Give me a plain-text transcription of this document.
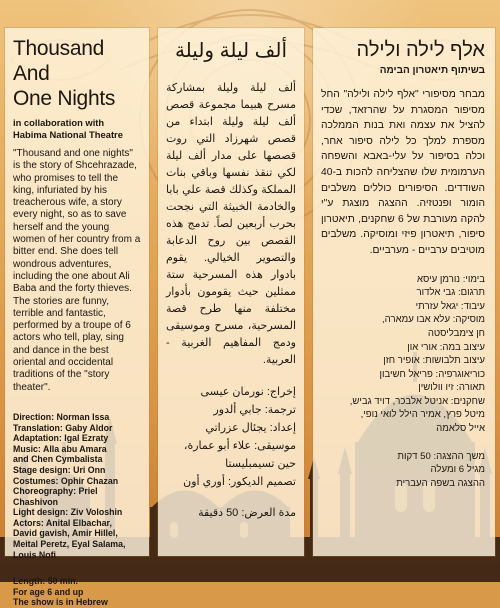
Thousand And
One Nights
in collaboration with
Habima National Theatre

"Thousand and one nights" is the story of Shcehrazade, who promises to tell the king, infuriated by his treacherous wife, a story every night, so as to save herself and the young women of her country from a bitter end. She does tell wondrous adventures, including the one about Ali Baba and the forty thieves. The stories are funny, terrible and fantastic, performed by a troupe of 6 actors who tell, play, sing and dance in the best oriental and occidental traditions of the "story theater".

Direction: Norman Issa
Translation: Gaby Aldor
Adaptation: Igal Ezraty
Music: Alla abu Amara
and Chen Cymbalista
Stage design: Uri Onn
Costumes: Ophir Chazan
Choreography: Priel Chashivon
Light design: Ziv Voloshin
Actors: Anital Elbachar,
David gavish, Amir Hillel,
Meital Peretz, Eyal Salama,
Louis Nofi
Length: 50 min.
For age 6 and up
The show is in Hebrew
ألف ليلة وليلة

ألف ليلة وليلة بمشاركة مسرح هبيما مجموعة قصص ألف ليلة وليلة ابتداء من قصص شهرزاد التي روت قصصها على مدار ألف ليلة لكي تنقذ نفسها وباقي بنات المملكة وكذلك قصة علي بابا والخادمة الخبيثة التي نجحت بحرب أربعين لصاً. تدمج هذه القصص بين روح الدعابة والتصوير الخيالي. يقوم بادوار هذه المسرحية ستة ممثلين حيث يقومون بأدوار مختلفة منها طرح قصة المسرحية، مسرح وموسيقى ودمج المفاهيم الغربية - العربية.

إخراج: نورمان عيسى
ترجمة: جابي ألدور
إعداد: يجئال عزراتي
موسيقى: علاء أبو عمارة،
حين تسيمبليستا
تصميم الديكور: أوري أون
مدة العرض: 50 دقيقة
אלף לילה ולילה
בשיתוף תיאטרון הבימה

מבחר מסיפורי "אלף לילה ולילה" החל מסיפור המסגרת על שהרזאד, שכדי להציל את עצמה ואת בנות הממלכה מספרת למלך כל לילה סיפור אחר, וכלה בסיפור על עלי-באבא והשפחה הערמומית שלו שהצליחה להכות ב-40 השודדים. הסיפורים כוללים משלבים הומור ופנטזיה. ההצגה מוצגת ע"י להקה מעורבת של 6 שחקנים, תיאטרון סיפור, תיאטרון פיזי ומוסיקה. משלבים מוטיבים ערביים - מערביים.

בימוי: נורמן עיסא
תרגום: גבי אלדור
עיבוד: יגאל עזרתי
מוסיקה: עלא אבו עמארה,
חן צימבליסטה
עיצוב במה: אורי און
עיצוב תלבושות: אופיר חזן
כוריאוגרפיה: פריאל חשיבון
תאורה: זיו וולושין
שחקנים: אניטל אלבכר, דויד גביש,
מיטל פרץ, אמיר הילל לואי נופי,
אייל סלאמה
משך ההצגה: 50 דקות
מגיל 6 ומעלה
ההצגה בשפה העברית
